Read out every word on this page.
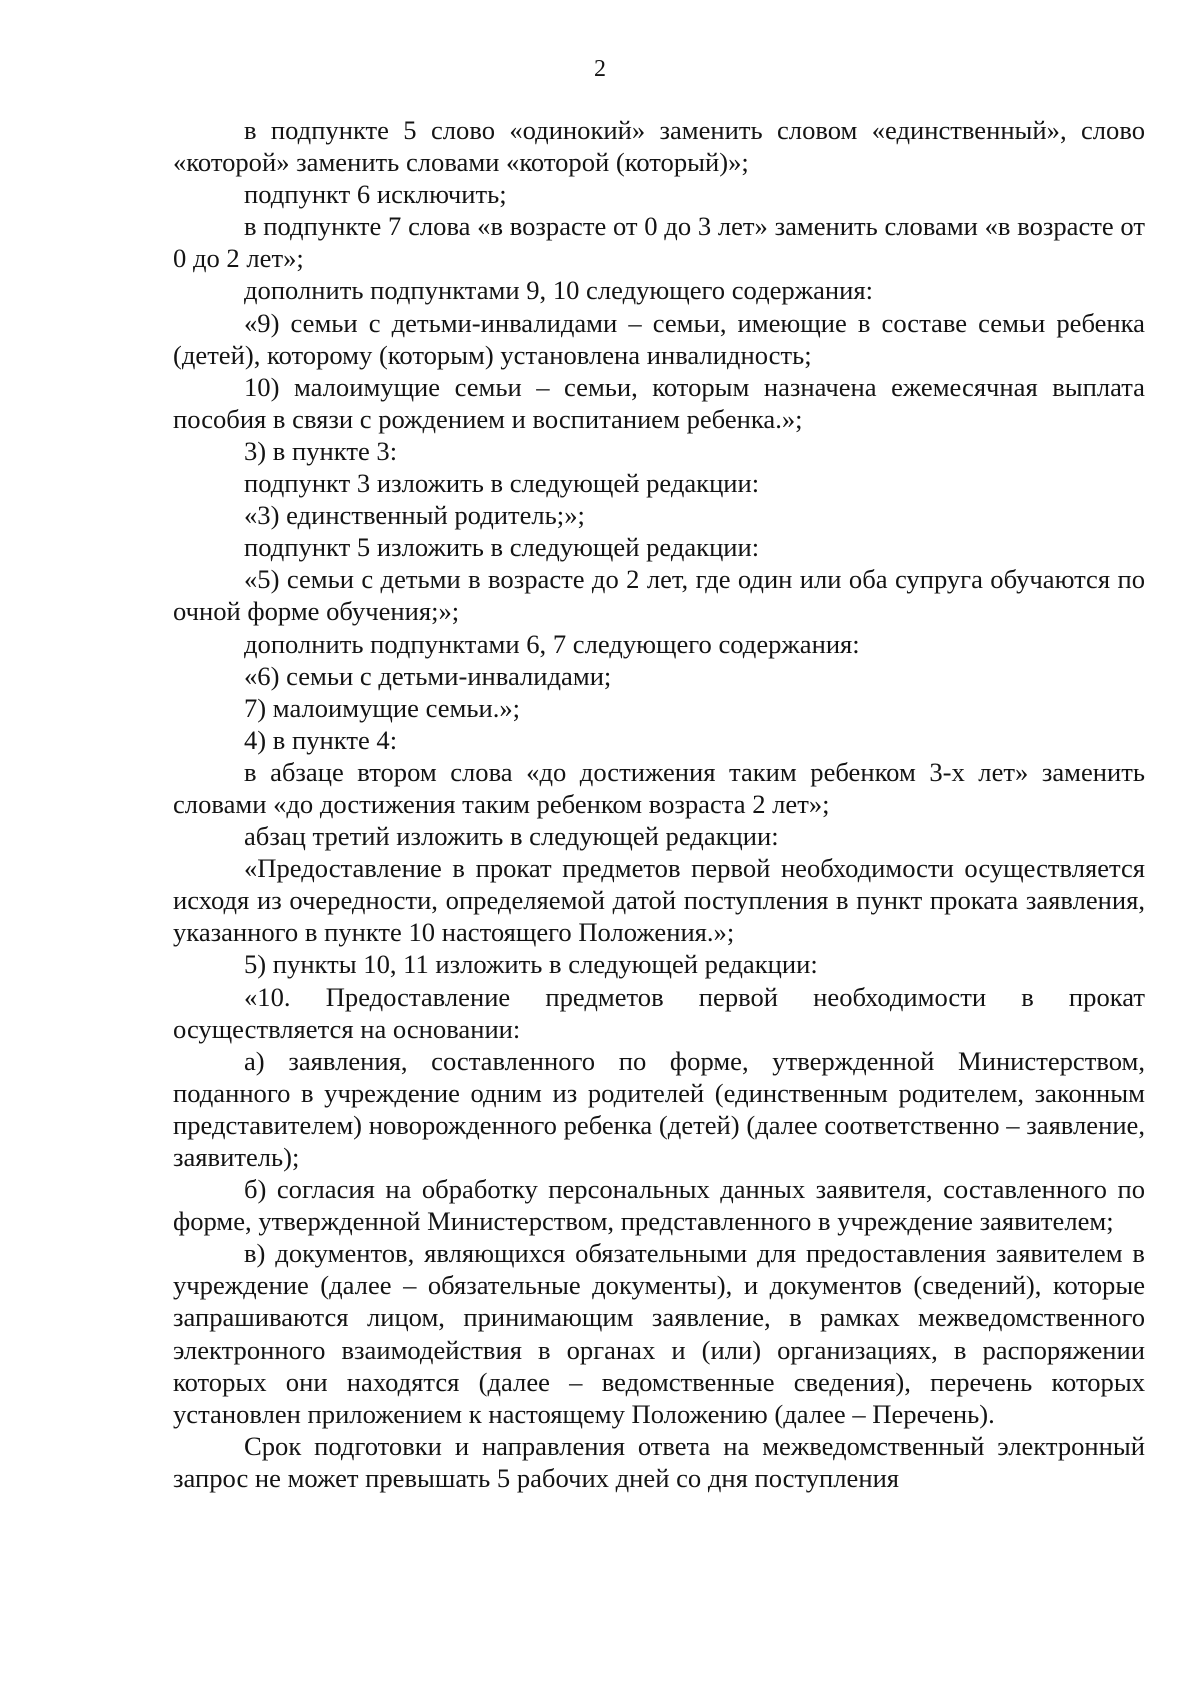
2

в подпункте 5 слово «одинокий» заменить словом «единственный», слово «которой» заменить словами «которой (который)»;

подпункт 6 исключить;

в подпункте 7 слова «в возрасте от 0 до 3 лет» заменить словами «в возрасте от 0 до 2 лет»;

дополнить подпунктами 9, 10 следующего содержания:

«9) семьи с детьми-инвалидами – семьи, имеющие в составе семьи ребенка (детей), которому (которым) установлена инвалидность;

10) малоимущие семьи – семьи, которым назначена ежемесячная выплата пособия в связи с рождением и воспитанием ребенка.»;

3) в пункте 3:

подпункт 3 изложить в следующей редакции:

«3) единственный родитель;»;

подпункт 5 изложить в следующей редакции:

«5) семьи с детьми в возрасте до 2 лет, где один или оба супруга обучаются по очной форме обучения;»;

дополнить подпунктами 6, 7 следующего содержания:

«6) семьи с детьми-инвалидами;

7) малоимущие семьи.»;

4) в пункте 4:

в абзаце втором слова «до достижения таким ребенком 3-х лет» заменить словами «до достижения таким ребенком возраста 2 лет»;

абзац третий изложить в следующей редакции:

«Предоставление в прокат предметов первой необходимости осуществляется исходя из очередности, определяемой датой поступления в пункт проката заявления, указанного в пункте 10 настоящего Положения.»;

5) пункты 10, 11 изложить в следующей редакции:

«10. Предоставление предметов первой необходимости в прокат осуществляется на основании:

а) заявления, составленного по форме, утвержденной Министерством, поданного в учреждение одним из родителей (единственным родителем, законным представителем) новорожденного ребенка (детей) (далее соответственно – заявление, заявитель);

б) согласия на обработку персональных данных заявителя, составленного по форме, утвержденной Министерством, представленного в учреждение заявителем;

в) документов, являющихся обязательными для предоставления заявителем в учреждение (далее – обязательные документы), и документов (сведений), которые запрашиваются лицом, принимающим заявление, в рамках межведомственного электронного взаимодействия в органах и (или) организациях, в распоряжении которых они находятся (далее – ведомственные сведения), перечень которых установлен приложением к настоящему Положению (далее – Перечень).

Срок подготовки и направления ответа на межведомственный электронный запрос не может превышать 5 рабочих дней со дня поступления
